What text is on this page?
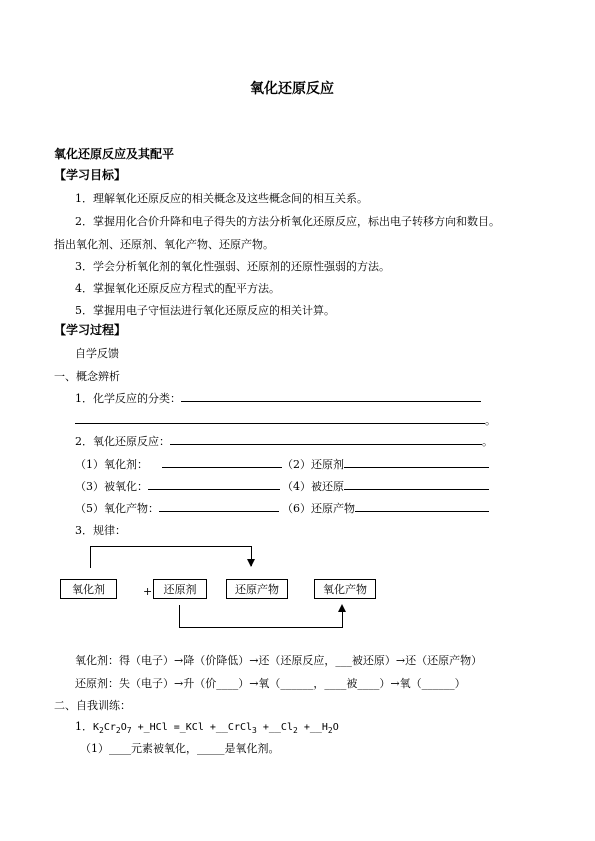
氧化还原反应
氧化还原反应及其配平
【学习目标】
1．理解氧化还原反应的相关概念及这些概念间的相互关系。
2．掌握用化合价升降和电子得失的方法分析氧化还原反应，标出电子转移方向和数目。
指出氧化剂、还原剂、氧化产物、还原产物。
3．学会分析氧化剂的氧化性强弱、还原剂的还原性强弱的方法。
4．掌握氧化还原反应方程式的配平方法。
5．掌握用电子守恒法进行氧化还原反应的相关计算。
【学习过程】
自学反馈
一、概念辨析
1．化学反应的分类：
。
2．氧化还原反应：	。
（1）氧化剂：	（2）还原剂
（3）被氧化：	（4）被还原
（5）氧化产物：	（6）还原产物
3．规律：
氧化剂	+	还原剂	还原产物	氧化产物
氧化剂：得（电子）→降（价降低）→还（还原反应，___被还原）→还（还原产物）
还原剂：失（电子）→升（价____）→氧（______，____被____）→氧（______）
二、自我训练：
1．$K_2Cr_2O_7$ +_HCl =_KCl +__CrCl$_3$ $+\_\_Cl_2$ $+\_\_H_2O$
（1）____元素被氧化，_____是氧化剂。
